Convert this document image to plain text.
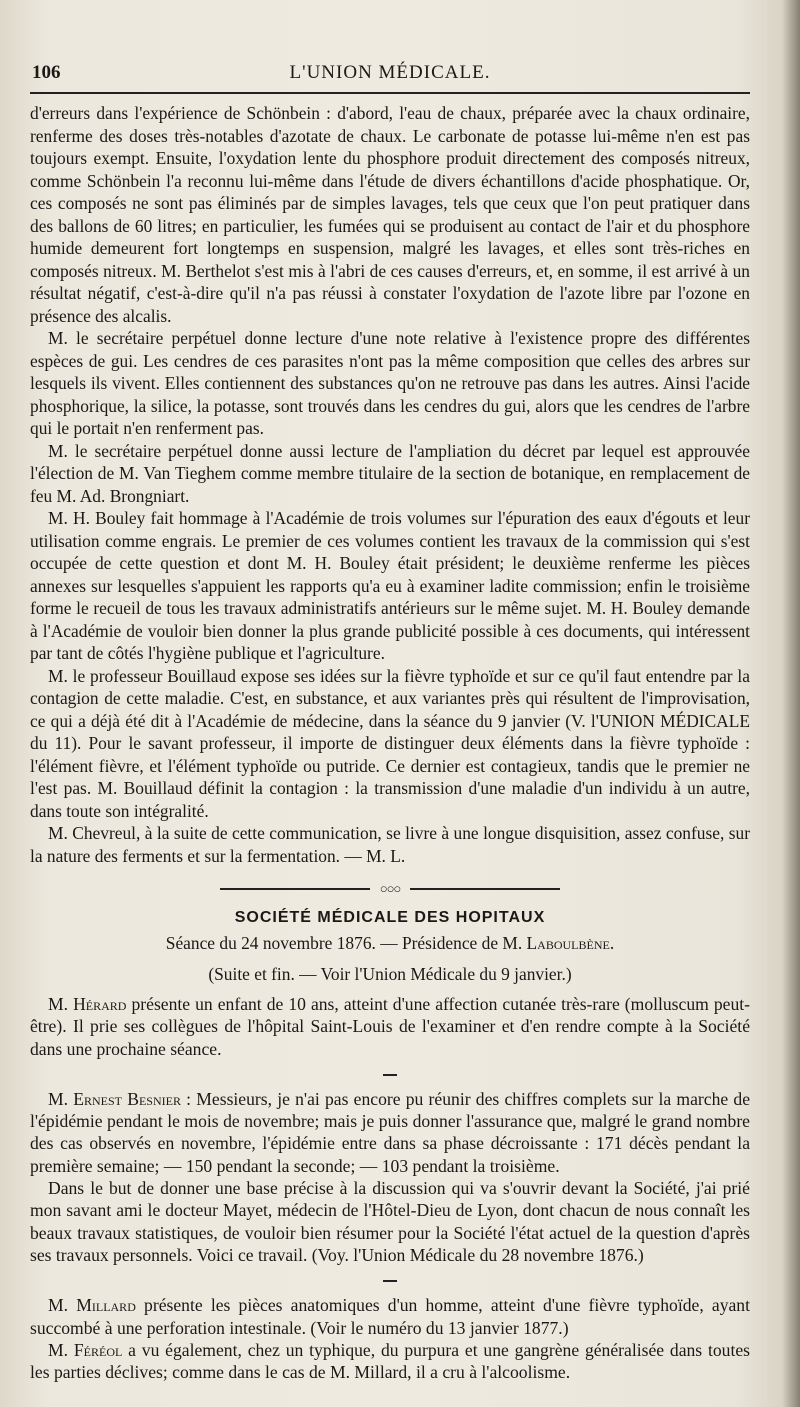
106	L'UNION MÉDICALE.

d'erreurs dans l'expérience de Schönbein : d'abord, l'eau de chaux, préparée avec la chaux ordinaire, renferme des doses très-notables d'azotate de chaux. Le carbonate de potasse lui-même n'en est pas toujours exempt. Ensuite, l'oxydation lente du phosphore produit directement des composés nitreux, comme Schönbein l'a reconnu lui-même dans l'étude de divers échantillons d'acide phosphatique. Or, ces composés ne sont pas éliminés par de simples lavages, tels que ceux que l'on peut pratiquer dans des ballons de 60 litres; en particulier, les fumées qui se produisent au contact de l'air et du phosphore humide demeurent fort longtemps en suspension, malgré les lavages, et elles sont très-riches en composés nitreux. M. Berthelot s'est mis à l'abri de ces causes d'erreurs, et, en somme, il est arrivé à un résultat négatif, c'est-à-dire qu'il n'a pas réussi à constater l'oxydation de l'azote libre par l'ozone en présence des alcalis.

M. le secrétaire perpétuel donne lecture d'une note relative à l'existence propre des différentes espèces de gui. Les cendres de ces parasites n'ont pas la même composition que celles des arbres sur lesquels ils vivent. Elles contiennent des substances qu'on ne retrouve pas dans les autres. Ainsi l'acide phosphorique, la silice, la potasse, sont trouvés dans les cendres du gui, alors que les cendres de l'arbre qui le portait n'en renferment pas.

M. le secrétaire perpétuel donne aussi lecture de l'ampliation du décret par lequel est approuvée l'élection de M. Van Tieghem comme membre titulaire de la section de botanique, en remplacement de feu M. Ad. Brongniart.

M. H. Bouley fait hommage à l'Académie de trois volumes sur l'épuration des eaux d'égouts et leur utilisation comme engrais. Le premier de ces volumes contient les travaux de la commission qui s'est occupée de cette question et dont M. H. Bouley était président; le deuxième renferme les pièces annexes sur lesquelles s'appuient les rapports qu'a eu à examiner ladite commission; enfin le troisième forme le recueil de tous les travaux administratifs antérieurs sur le même sujet. M. H. Bouley demande à l'Académie de vouloir bien donner la plus grande publicité possible à ces documents, qui intéressent par tant de côtés l'hygiène publique et l'agriculture.

M. le professeur Bouillaud expose ses idées sur la fièvre typhoïde et sur ce qu'il faut entendre par la contagion de cette maladie. C'est, en substance, et aux variantes près qui résultent de l'improvisation, ce qui a déjà été dit à l'Académie de médecine, dans la séance du 9 janvier (V. l'UNION MÉDICALE du 11). Pour le savant professeur, il importe de distinguer deux éléments dans la fièvre typhoïde : l'élément fièvre, et l'élément typhoïde ou putride. Ce dernier est contagieux, tandis que le premier ne l'est pas. M. Bouillaud définit la contagion : la transmission d'une maladie d'un individu à un autre, dans toute son intégralité.

M. Chevreul, à la suite de cette communication, se livre à une longue disquisition, assez confuse, sur la nature des ferments et sur la fermentation. — M. L.

○○○
SOCIÉTÉ MÉDICALE DES HOPITAUX
Séance du 24 novembre 1876. — Présidence de M. Laboulbène.
(Suite et fin. — Voir l'Union Médicale du 9 janvier.)

M. Hérard présente un enfant de 10 ans, atteint d'une affection cutanée très-rare (molluscum peut-être). Il prie ses collègues de l'hôpital Saint-Louis de l'examiner et d'en rendre compte à la Société dans une prochaine séance.

M. Ernest Besnier : Messieurs, je n'ai pas encore pu réunir des chiffres complets sur la marche de l'épidémie pendant le mois de novembre; mais je puis donner l'assurance que, malgré le grand nombre des cas observés en novembre, l'épidémie entre dans sa phase décroissante : 171 décès pendant la première semaine; — 150 pendant la seconde; — 103 pendant la troisième.

Dans le but de donner une base précise à la discussion qui va s'ouvrir devant la Société, j'ai prié mon savant ami le docteur Mayet, médecin de l'Hôtel-Dieu de Lyon, dont chacun de nous connaît les beaux travaux statistiques, de vouloir bien résumer pour la Société l'état actuel de la question d'après ses travaux personnels. Voici ce travail. (Voy. l'Union Médicale du 28 novembre 1876.)

M. Millard présente les pièces anatomiques d'un homme, atteint d'une fièvre typhoïde, ayant succombé à une perforation intestinale. (Voir le numéro du 13 janvier 1877.)

M. Féréol a vu également, chez un typhique, du purpura et une gangrène généralisée dans toutes les parties déclives; comme dans le cas de M. Millard, il a cru à l'alcoolisme.
